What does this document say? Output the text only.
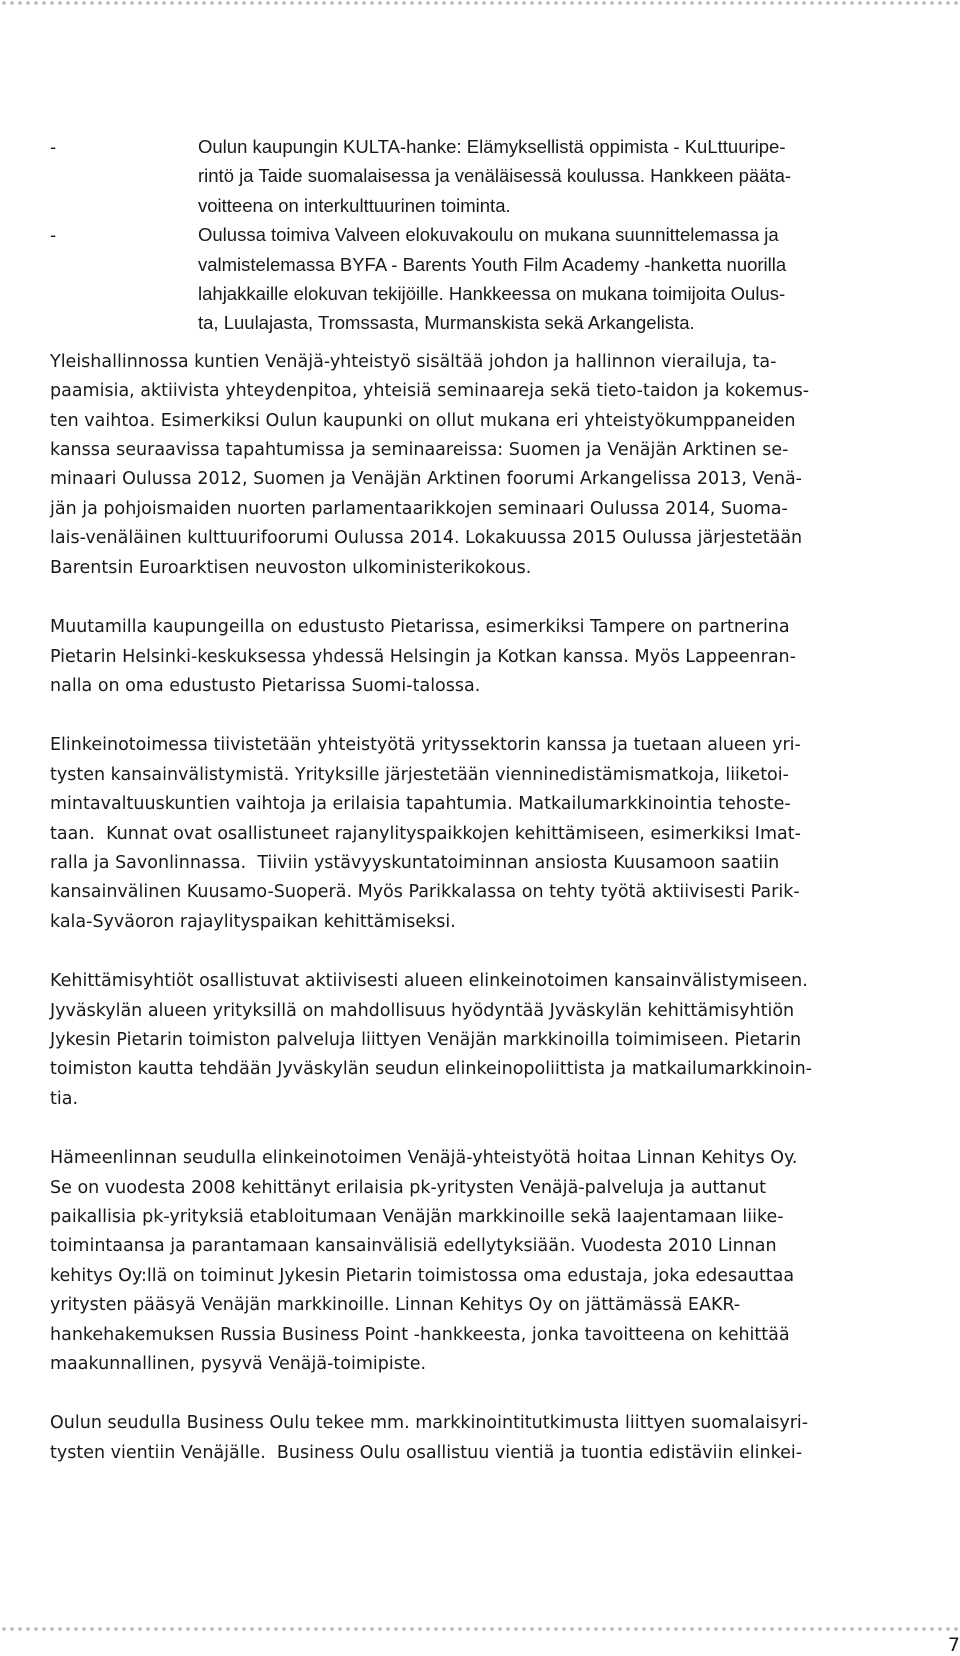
-	Oulun kaupungin KULTA-hanke: Elämyksellistä oppimista - KuLttuuripe-
rintö ja Taide suomalaisessa ja venäläisessä koulussa. Hankkeen pääta-
voitteena on interkulttuurinen toiminta.
-	Oulussa toimiva Valveen elokuvakoulu on mukana suunnittelemassa ja
valmistelemassa BYFA - Barents Youth Film Academy -hanketta nuorilla
lahjakkaille elokuvan tekijöille. Hankkeessa on mukana toimijoita Oulus-
ta, Luulajasta, Tromssasta, Murmanskista sekä Arkangelista.
Yleishallinnossa kuntien Venäjä-yhteistyö sisältää johdon ja hallinnon vierailuja, ta-
paamisia, aktiivista yhteydenpitoa, yhteisiä seminaareja sekä tieto-taidon ja kokemus-
ten vaihtoa. Esimerkiksi Oulun kaupunki on ollut mukana eri yhteistyökumppaneiden
kanssa seuraavissa tapahtumissa ja seminaareissa: Suomen ja Venäjän Arktinen se-
minaari Oulussa 2012, Suomen ja Venäjän Arktinen foorumi Arkangelissa 2013, Venä-
jän ja pohjoismaiden nuorten parlamentaarikkojen seminaari Oulussa 2014, Suoma-
lais-venäläinen kulttuurifoorumi Oulussa 2014. Lokakuussa 2015 Oulussa järjestetään
Barentsin Euroarktisen neuvoston ulkoministerikokous.
Muutamilla kaupungeilla on edustusto Pietarissa, esimerkiksi Tampere on partnerina
Pietarin Helsinki-keskuksessa yhdessä Helsingin ja Kotkan kanssa. Myös Lappeenran-
nalla on oma edustusto Pietarissa Suomi-talossa.
Elinkeinotoimessa tiivistetään yhteistyötä yrityssektorin kanssa ja tuetaan alueen yri-
tysten kansainvälistymistä. Yrityksille järjestetään vienninedistämismatkoja, liiketoi-
mintavaltuuskuntien vaihtoja ja erilaisia tapahtumia. Matkailumarkkinointia tehoste-
taan.  Kunnat ovat osallistuneet rajanylityspaikkojen kehittämiseen, esimerkiksi Imat-
ralla ja Savonlinnassa.  Tiiviin ystävyyskuntatoiminnan ansiosta Kuusamoon saatiin
kansainvälinen Kuusamo-Suoperä. Myös Parikkalassa on tehty työtä aktiivisesti Parik-
kala-Syväoron rajaylityspaikan kehittämiseksi.
Kehittämisyhtiöt osallistuvat aktiivisesti alueen elinkeinotoimen kansainvälistymiseen.
Jyväskylän alueen yrityksillä on mahdollisuus hyödyntää Jyväskylän kehittämisyhtiön
Jykesin Pietarin toimiston palveluja liittyen Venäjän markkinoilla toimimiseen. Pietarin
toimiston kautta tehdään Jyväskylän seudun elinkeinopoliittista ja matkailumarkkinoin-
tia.
Hämeenlinnan seudulla elinkeinotoimen Venäjä-yhteistyötä hoitaa Linnan Kehitys Oy.
Se on vuodesta 2008 kehittänyt erilaisia pk-yritysten Venäjä-palveluja ja auttanut
paikallisia pk-yrityksiä etabloitumaan Venäjän markkinoille sekä laajentamaan liike-
toimintaansa ja parantamaan kansainvälisiä edellytyksiään. Vuodesta 2010 Linnan
kehitys Oy:llä on toiminut Jykesin Pietarin toimistossa oma edustaja, joka edesauttaa
yritysten pääsyä Venäjän markkinoille. Linnan Kehitys Oy on jättämässä EAKR-
hankehakemuksen Russia Business Point -hankkeesta, jonka tavoitteena on kehittää
maakunnallinen, pysyvä Venäjä-toimipiste.
Oulun seudulla Business Oulu tekee mm. markkinointitutkimusta liittyen suomalaisyri-
tysten vientiin Venäjälle.  Business Oulu osallistuu vientiä ja tuontia edistäviin elinkei-
7
